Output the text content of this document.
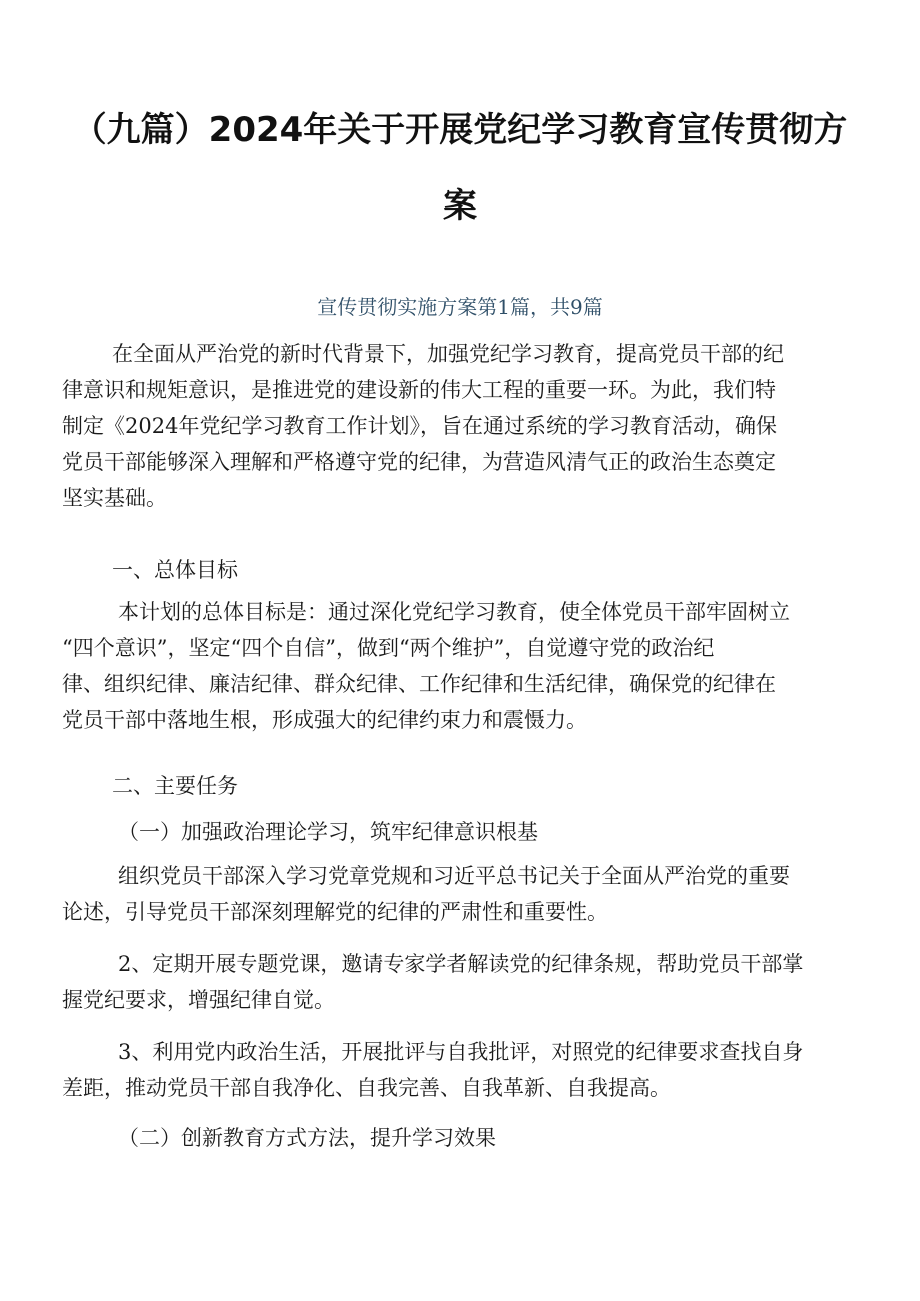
（九篇）2024年关于开展党纪学习教育宣传贯彻方
案
宣传贯彻实施方案第1篇，共9篇

在全面从严治党的新时代背景下，加强党纪学习教育，提高党员干部的纪

律意识和规矩意识，是推进党的建设新的伟大工程的重要一环。为此，我们特

制定《2024年党纪学习教育工作计划》，旨在通过系统的学习教育活动，确保

党员干部能够深入理解和严格遵守党的纪律，为营造风清气正的政治生态奠定

坚实基础。

一、总体目标

本计划的总体目标是：通过深化党纪学习教育，使全体党员干部牢固树立

“四个意识”，坚定“四个自信”，做到“两个维护”，自觉遵守党的政治纪

律、组织纪律、廉洁纪律、群众纪律、工作纪律和生活纪律，确保党的纪律在

党员干部中落地生根，形成强大的纪律约束力和震慑力。

二、主要任务

（一）加强政治理论学习，筑牢纪律意识根基

组织党员干部深入学习党章党规和习近平总书记关于全面从严治党的重要

论述，引导党员干部深刻理解党的纪律的严肃性和重要性。

2、定期开展专题党课，邀请专家学者解读党的纪律条规，帮助党员干部掌

握党纪要求，增强纪律自觉。

3、利用党内政治生活，开展批评与自我批评，对照党的纪律要求查找自身

差距，推动党员干部自我净化、自我完善、自我革新、自我提高。

（二）创新教育方式方法，提升学习效果
